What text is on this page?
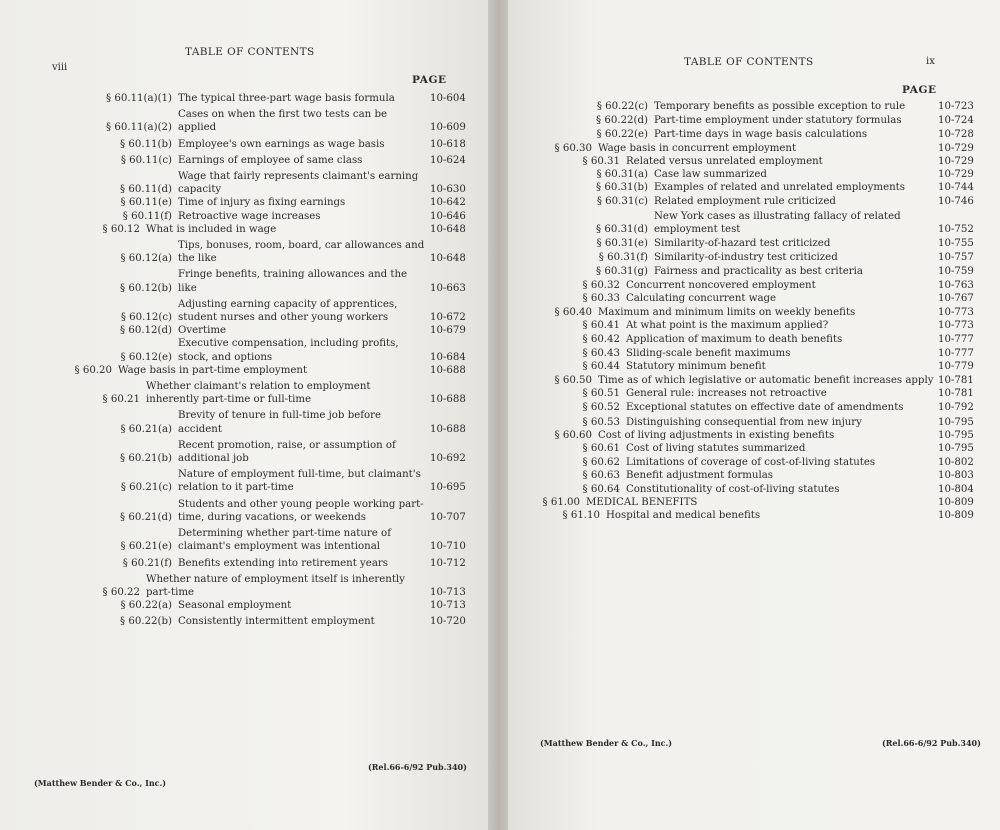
viii
TABLE OF CONTENTS
PAGE
§ 60.11(a)(1) The typical three-part wage basis formula	10-604
§ 60.11(a)(2)
Cases on when the first two tests can be applied	10-609
§ 60.11(b) Employee's own earnings as wage basis	10-618
§ 60.11(c) Earnings of employee of same class	10-624
§ 60.11(d)
Wage that fairly represents claimant's earning capacity	10-630
§ 60.11(e) Time of injury as fixing earnings	10-642
§ 60.11(f) Retroactive wage increases	10-646
§ 60.12 What is included in wage	10-648
§ 60.12(a)
Tips, bonuses, room, board, car allowances and the like	10-648
§ 60.12(b)
Fringe benefits, training allowances and the like	10-663
§ 60.12(c)
Adjusting earning capacity of apprentices, student nurses and other young workers	10-672
§ 60.12(d) Overtime	10-679
§ 60.12(e)
Executive compensation, including profits, stock, and options	10-684
§ 60.20 Wage basis in part-time employment	10-688
§ 60.21
Whether claimant's relation to employment inherently part-time or full-time	10-688
§ 60.21(a)
Brevity of tenure in full-time job before accident	10-688
§ 60.21(b)
Recent promotion, raise, or assumption of additional job	10-692
§ 60.21(c)
Nature of employment full-time, but claimant's relation to it part-time	10-695
§ 60.21(d)
Students and other young people working part-time, during vacations, or weekends	10-707
§ 60.21(e)
Determining whether part-time nature of claimant's employment was intentional	10-710
§ 60.21(f) Benefits extending into retirement years	10-712
§ 60.22
Whether nature of employment itself is inherently part-time	10-713
§ 60.22(a) Seasonal employment	10-713
§ 60.22(b) Consistently intermittent employment	10-720
(Matthew Bender & Co., Inc.)
(Rel.66-6/92 Pub.340)
TABLE OF CONTENTS	ix
PAGE
§ 60.22(c) Temporary benefits as possible exception to rule	10-723
§ 60.22(d) Part-time employment under statutory formulas	10-724
§ 60.22(e) Part-time days in wage basis calculations	10-728
§ 60.30 Wage basis in concurrent employment	10-729
§ 60.31 Related versus unrelated employment	10-729
§ 60.31(a) Case law summarized	10-729
§ 60.31(b) Examples of related and unrelated employments	10-744
§ 60.31(c) Related employment rule criticized	10-746
§ 60.31(d)
New York cases as illustrating fallacy of related employment test	10-752
§ 60.31(e) Similarity-of-hazard test criticized	10-755
§ 60.31(f) Similarity-of-industry test criticized	10-757
§ 60.31(g) Fairness and practicality as best criteria	10-759
§ 60.32 Concurrent noncovered employment	10-763
§ 60.33 Calculating concurrent wage	10-767
§ 60.40 Maximum and minimum limits on weekly benefits	10-773
§ 60.41 At what point is the maximum applied?	10-773
§ 60.42 Application of maximum to death benefits	10-777
§ 60.43 Sliding-scale benefit maximums	10-777
§ 60.44 Statutory minimum benefit	10-779
§ 60.50 Time as of which legislative or automatic benefit increases apply 10-781
§ 60.51 General rule: increases not retroactive	10-781
§ 60.52 Exceptional statutes on effective date of amendments	10-792
§ 60.53 Distinguishing consequential from new injury	10-795
§ 60.60 Cost of living adjustments in existing benefits	10-795
§ 60.61 Cost of living statutes summarized	10-795
§ 60.62 Limitations of coverage of cost-of-living statutes	10-802
§ 60.63 Benefit adjustment formulas	10-803
§ 60.64 Constitutionality of cost-of-living statutes	10-804
§ 61.00 MEDICAL BENEFITS	10-809
§ 61.10 Hospital and medical benefits	10-809
(Matthew Bender & Co., Inc.)	(Rel.66-6/92 Pub.340)
